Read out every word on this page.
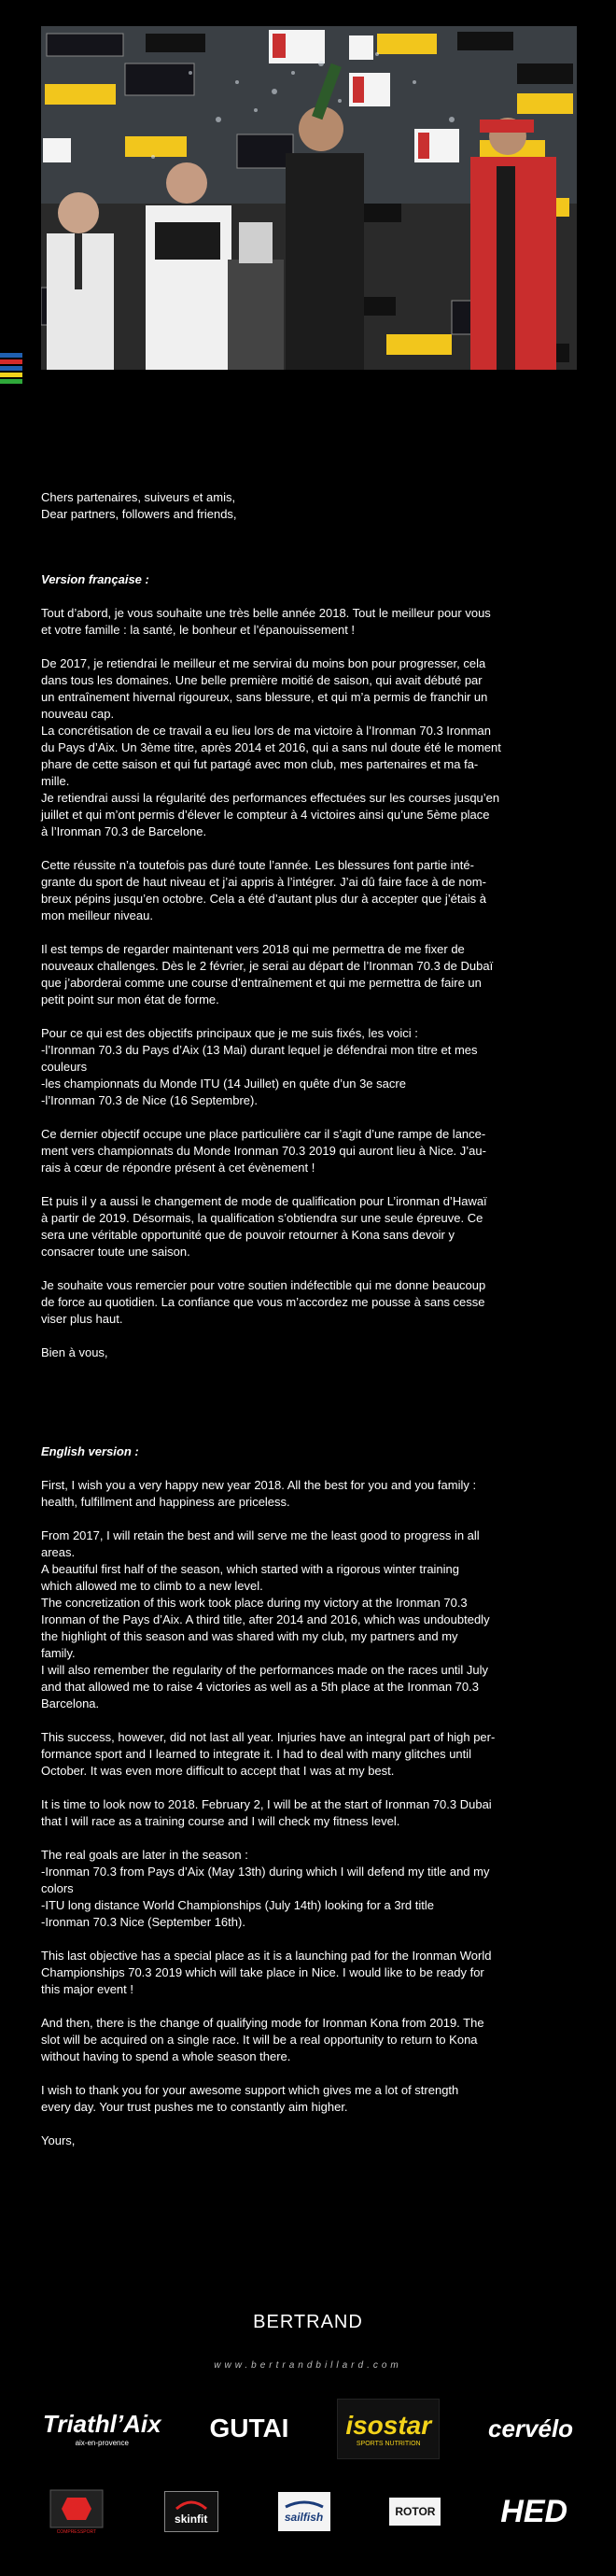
Chers partenaires, suiveurs et amis,
Dear partners, followers and friends,

Version française :

Tout d’abord, je vous souhaite une très belle année 2018. Tout le meilleur pour vous
et votre famille : la santé, le bonheur et l’épanouissement !

De 2017, je retiendrai le meilleur et me servirai du moins bon pour progresser, cela
dans tous les domaines. Une belle première moitié de saison, qui avait débuté par
un entraînement hivernal rigoureux, sans blessure, et qui m’a permis de franchir un
nouveau cap.
La concrétisation de ce travail a eu lieu lors de ma victoire à l’Ironman 70.3 Ironman
du Pays d’Aix. Un 3ème titre, après 2014 et 2016, qui a sans nul doute été le moment
phare de cette saison et qui fut partagé avec mon club, mes partenaires et ma fa-
mille.
Je retiendrai aussi la régularité des performances effectuées sur les courses jusqu’en
juillet et qui m’ont permis d’élever le compteur à 4 victoires ainsi qu’une 5ème place
à l’Ironman 70.3 de Barcelone.

Cette réussite n’a toutefois pas duré toute l’année. Les blessures font partie inté-
grante du sport de haut niveau et j’ai appris à l’intégrer. J’ai dû faire face à de nom-
breux pépins jusqu’en octobre. Cela a été d’autant plus dur à accepter que j’étais à
mon meilleur niveau.

Il est temps de regarder maintenant vers 2018 qui me permettra de me fixer de
nouveaux challenges. Dès le 2 février, je serai au départ de l’Ironman 70.3 de Dubaï
que j’aborderai comme une course d’entraînement et qui me permettra de faire un
petit point sur mon état de forme.

Pour ce qui est des objectifs principaux que je me suis fixés, les voici :
-l’Ironman 70.3 du Pays d’Aix (13 Mai) durant lequel je défendrai mon titre et mes
couleurs
-les championnats du Monde ITU (14 Juillet) en quête d’un 3e sacre
-l’Ironman 70.3 de Nice (16 Septembre).

Ce dernier objectif occupe une place particulière car il s’agit d’une rampe de lance-
ment vers championnats du Monde Ironman 70.3 2019 qui auront lieu à Nice. J’au-
rais à cœur de répondre présent à cet évènement !

Et puis il y a aussi le changement de mode de qualification pour L’ironman d’Hawaï
à partir de 2019. Désormais, la qualification s’obtiendra sur une seule épreuve. Ce
sera une véritable opportunité que de pouvoir retourner à Kona sans devoir y
consacrer toute une saison.

Je souhaite vous remercier pour votre soutien indéfectible qui me donne beaucoup
de force au quotidien. La confiance que vous m’accordez me pousse à sans cesse
viser plus haut.

Bien à vous,

English version :

First, I wish you a very happy new year 2018. All the best for you and you family :
health, fulfillment and happiness are priceless.

From 2017, I will retain the best and will serve me the least good to progress in all
areas.
A beautiful first half of the season, which started with a rigorous winter training
which allowed me to climb to a new level.
The concretization of this work took place during my victory at the Ironman 70.3
Ironman of the Pays d’Aix. A third title, after 2014 and 2016, which was undoubtedly
the highlight of this season and was shared with my club, my partners and my
family.
I will also remember the regularity of the performances made on the races until July
and that allowed me to raise 4 victories as well as a 5th place at the Ironman 70.3
Barcelona.

This success, however, did not last all year. Injuries have an integral part of high per-
formance sport and I learned to integrate it. I had to deal with many glitches until
October. It was even more difficult to accept that I was at my best.

It is time to look now to 2018. February 2, I will be at the start of Ironman 70.3 Dubai
that I will race as a training course and I will check my fitness level.

The real goals are later in the season :
-Ironman 70.3 from Pays d’Aix (May 13th) during which I will defend my title and my
colors
-ITU long distance World Championships (July 14th) looking for a 3rd title
-Ironman 70.3 Nice (September 16th).

This last objective has a special place as it is a launching pad for the Ironman World
Championships 70.3 2019 which will take place in Nice. I would like to be ready for
this major event !

And then, there is the change of qualifying mode for Ironman Kona from 2019. The
slot will be acquired on a single race. It will be a real opportunity to return to Kona
without having to spend a whole season there.

I wish to thank you for your awesome support which gives me a lot of strength
every day. Your trust pushes me to constantly aim higher.

Yours,

BERTRAND
www.bertrandbillard.com
Triathl’Aix
aix-en-provence
GUTAI isostar
SPORTS NUTRITION
cervélo
COMPRESSPORT
skinfit	sailfish	ROTOR HED
